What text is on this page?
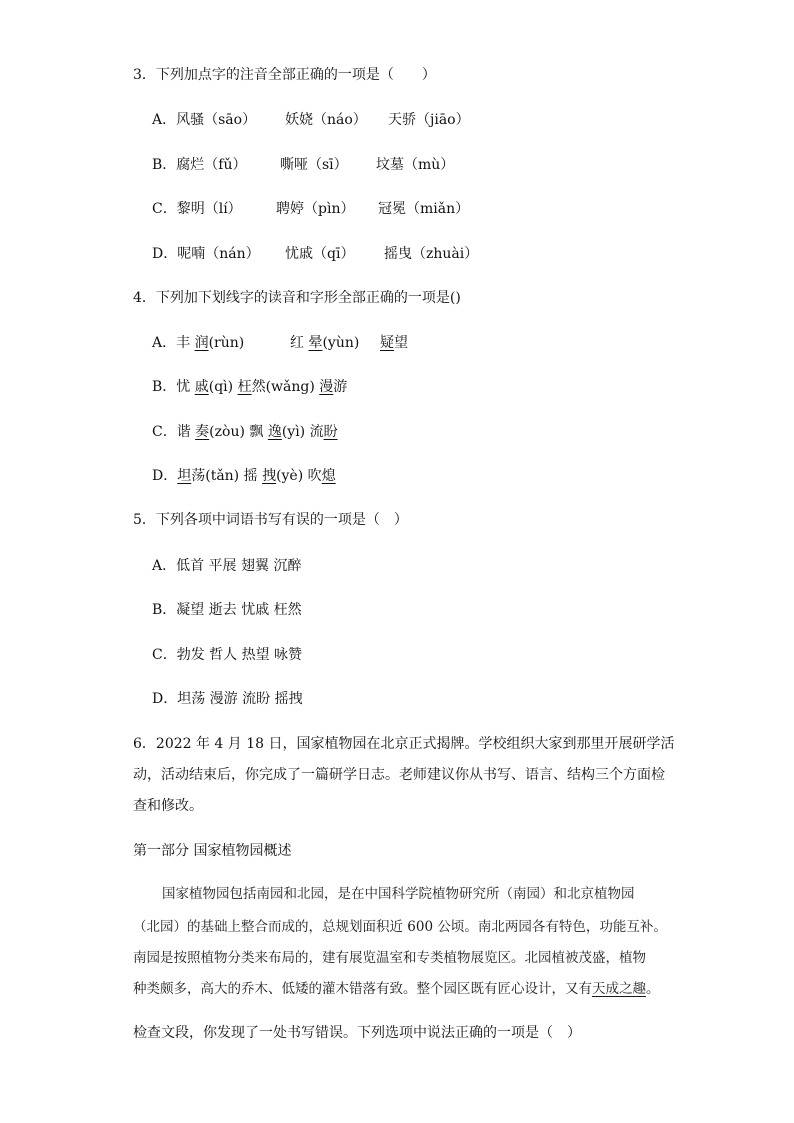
3．下列加点字的注音全部正确的一项是（　　）
A．风骚（sāo） 妖娆（náo） 天骄（jiāo）
B．腐烂（fǔ） 嘶哑（sī） 坟墓（mù）
C．黎明（lí） 聘婷（pìn） 冠冕（miǎn）
D．呢喃（nán） 忧戚（qī） 摇曳（zhuài）
4．下列加下划线字的读音和字形全部正确的一项是()
A．丰 润(rùn)	红 晕(yùn) 疑望
B．忧 戚(qì) 枉然(wǎng) 漫游
C．谐 奏(zòu) 飘 逸(yì) 流盼
D．坦荡(tǎn) 摇 拽(yè) 吹熄
5．下列各项中词语书写有误的一项是（　）
A．低首 平展 翅翼 沉醉
B．凝望 逝去 忧戚 枉然
C．勃发 哲人 热望 咏赞
D．坦荡 漫游 流盼 摇拽
6．2022 年 4 月 18 日，国家植物园在北京正式揭牌。学校组织大家到那里开展研学活
动，活动结束后，你完成了一篇研学日志。老师建议你从书写、语言、结构三个方面检
查和修改。
第一部分 国家植物园概述
国家植物园包括南园和北园，是在中国科学院植物研究所（南园）和北京植物园
（北园）的基础上整合而成的，总规划面积近 600 公顷。南北两园各有特色，功能互补。
南园是按照植物分类来布局的，建有展览温室和专类植物展览区。北园植被茂盛，植物
种类颇多，高大的乔木、低矮的灌木错落有致。整个园区既有匠心设计，又有天成之趣。
检查文段，你发现了一处书写错误。下列选项中说法正确的一项是（　）
